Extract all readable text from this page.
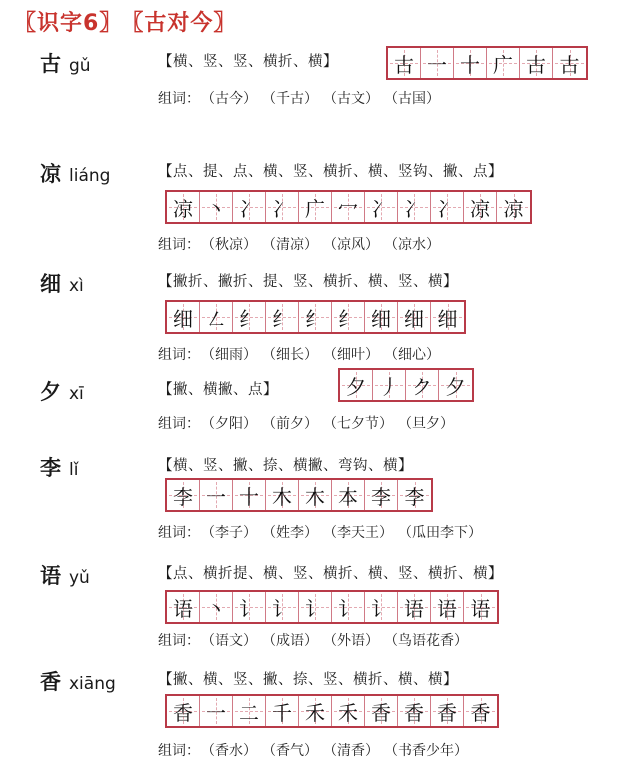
〖识字6〗 〖古对今〗
古 gǔ	【横、竖、竖、横折、横】	古 一 十 广 古 古
组词： （古今） （千古） （古文） （古国）
凉 liáng	【点、提、点、横、竖、横折、横、竖钩、撇、点】
凉 丶 冫 冫 广 冖 冫 冫 冫 凉 凉
组词： （秋凉） （清凉） （凉风） （凉水）
细 xì	【撇折、撇折、提、竖、横折、横、竖、横】
细 ㇜ 纟 纟 纟 纟 细 细 细
组词： （细雨） （细长） （细叶） （细心）
夕 xī	【撇、横撇、点】	夕 丿 ク 夕
组词： （夕阳） （前夕） （七夕节） （旦夕）
李 lǐ	【横、竖、撇、捺、横撇、弯钩、横】
李 一 十 木 木 本 李 李
组词： （李子） （姓李） （李天王） （瓜田李下）
语 yǔ	【点、横折提、横、竖、横折、横、竖、横折、横】
语 丶 讠 讠 讠 讠 讠 语 语 语
组词： （语文） （成语） （外语） （鸟语花香）
香 xiāng	【撇、横、竖、撇、捺、竖、横折、横、横】
香 一 二 千 禾 禾 香 香 香 香
组词： （香水） （香气） （清香） （书香少年）
